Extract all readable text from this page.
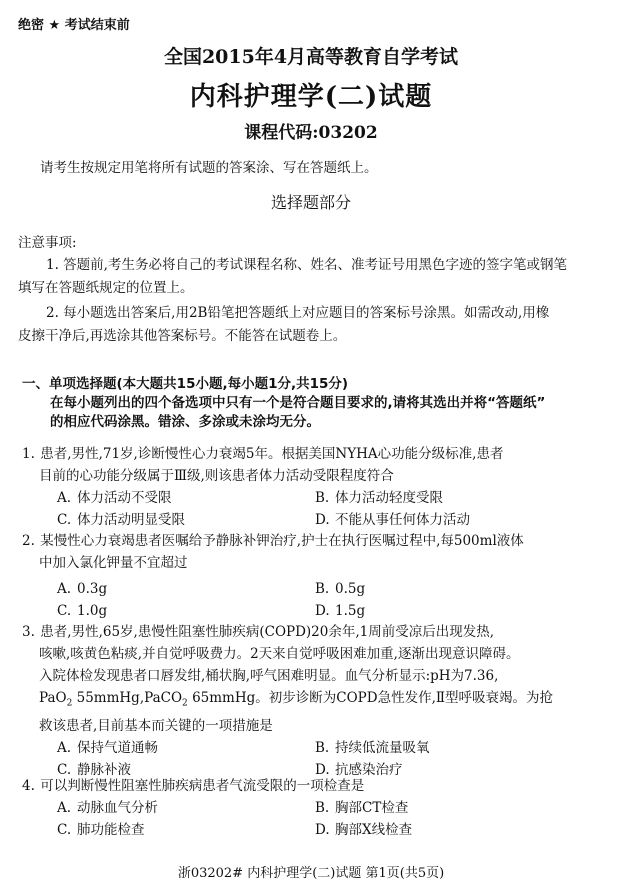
绝密 ★ 考试结束前
全国2015年4月高等教育自学考试
内科护理学(二)试题
课程代码:03202
请考生按规定用笔将所有试题的答案涂、写在答题纸上。
选择题部分
注意事项:
1. 答题前,考生务必将自己的考试课程名称、姓名、准考证号用黑色字迹的签字笔或钢笔
填写在答题纸规定的位置上。
2. 每小题选出答案后,用2B铅笔把答题纸上对应题目的答案标号涂黑。如需改动,用橡
皮擦干净后,再选涂其他答案标号。不能答在试题卷上。
一、单项选择题(本大题共15小题,每小题1分,共15分)
在每小题列出的四个备选项中只有一个是符合题目要求的,请将其选出并将“答题纸”
的相应代码涂黑。错涂、多涂或未涂均无分。
1. 患者,男性,71岁,诊断慢性心力衰竭5年。根据美国NYHA心功能分级标准,患者
目前的心功能分级属于Ⅲ级,则该患者体力活动受限程度符合
A. 体力活动不受限	B. 体力活动轻度受限
C. 体力活动明显受限	D. 不能从事任何体力活动
2. 某慢性心力衰竭患者医嘱给予静脉补钾治疗,护士在执行医嘱过程中,每500ml液体
中加入氯化钾量不宜超过
A. 0.3g	B. 0.5g
C. 1.0g	D. 1.5g
3. 患者,男性,65岁,患慢性阻塞性肺疾病(COPD)20余年,1周前受凉后出现发热,
咳嗽,咳黄色粘痰,并自觉呼吸费力。2天来自觉呼吸困难加重,逐渐出现意识障碍。
入院体检发现患者口唇发绀,桶状胸,呼气困难明显。血气分析显示:pH为7.36,
PaO$_2$ 55mmHg,PaCO$_2$ 65mmHg。初步诊断为COPD急性发作,Ⅱ型呼吸衰竭。为抢
救该患者,目前基本而关键的一项措施是
A. 保持气道通畅	B. 持续低流量吸氧
C. 静脉补液	D. 抗感染治疗
4. 可以判断慢性阻塞性肺疾病患者气流受限的一项检查是
A. 动脉血气分析	B. 胸部CT检查
C. 肺功能检查	D. 胸部X线检查
浙03202# 内科护理学(二)试题 第1页(共5页)
